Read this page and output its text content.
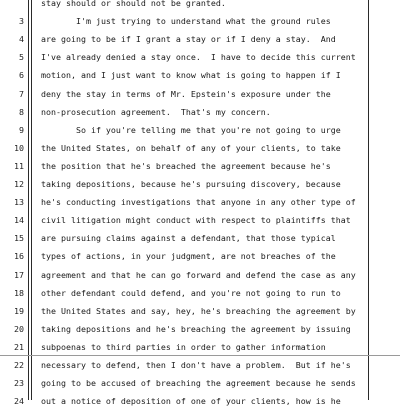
stay should or should not be granted.
3 I'm just trying to understand what the ground rules
4 are going to be if I grant a stay or if I deny a stay.  And
5 I've already denied a stay once.  I have to decide this current
6 motion, and I just want to know what is going to happen if I
7 deny the stay in terms of Mr. Epstein's exposure under the
8 non-prosecution agreement.  That's my concern.
9 So if you're telling me that you're not going to urge
10 the United States, on behalf of any of your clients, to take
11 the position that he's breached the agreement because he's
12 taking depositions, because he's pursuing discovery, because
13 he's conducting investigations that anyone in any other type of
14 civil litigation might conduct with respect to plaintiffs that
15 are pursuing claims against a defendant, that those typical
16 types of actions, in your judgment, are not breaches of the
17 agreement and that he can go forward and defend the case as any
18 other defendant could defend, and you're not going to run to
19 the United States and say, hey, he's breaching the agreement by
20 taking depositions and he's breaching the agreement by issuing
21 subpoenas to third parties in order to gather information
22 necessary to defend, then I don't have a problem.  But if he's
23 going to be accused of breaching the agreement because he sends
24 out a notice of deposition of one of your clients, how is he
